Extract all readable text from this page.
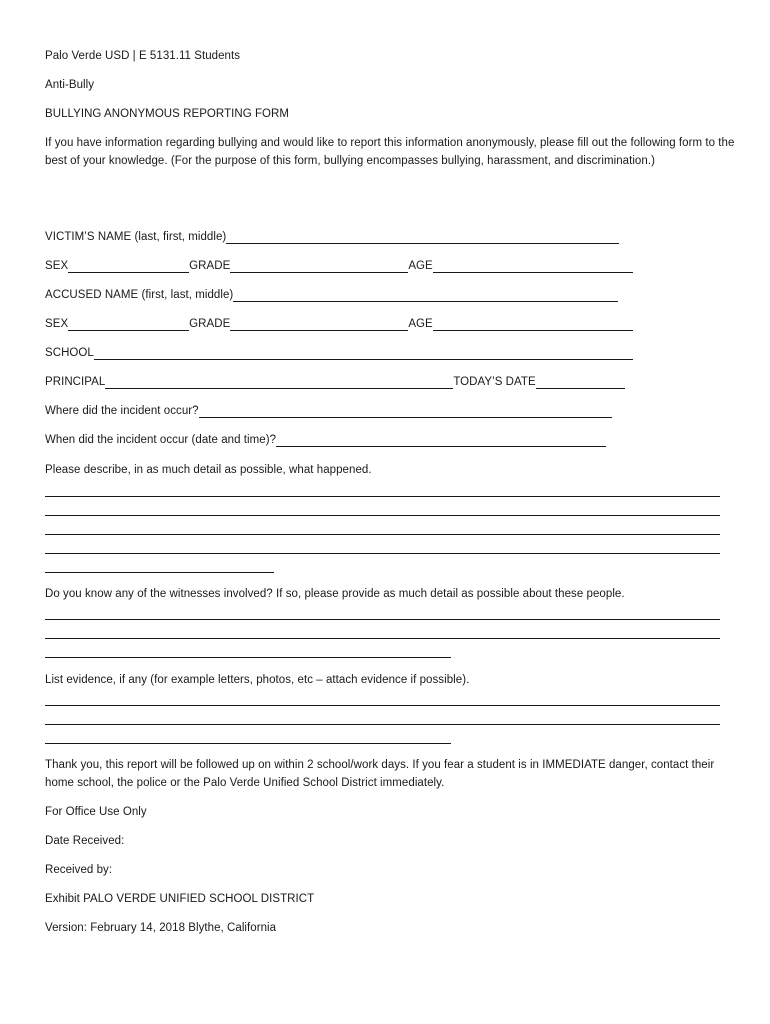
Palo Verde USD | E 5131.11 Students
Anti-Bully
BULLYING ANONYMOUS REPORTING FORM
If you have information regarding bullying and would like to report this information anonymously, please fill out the following form to the best of your knowledge. (For the purpose of this form, bullying encompasses bullying, harassment, and discrimination.)
VICTIM’S NAME (last, first, middle)
SEX	GRADE	AGE
ACCUSED NAME (first, last, middle)
SEX	GRADE	AGE
SCHOOL
PRINCIPAL	TODAY’S DATE
Where did the incident occur?
When did the incident occur (date and time)?
Please describe, in as much detail as possible, what happened.
Do you know any of the witnesses involved? If so, please provide as much detail as possible about these people.
List evidence, if any (for example letters, photos, etc – attach evidence if possible).
Thank you, this report will be followed up on within 2 school/work days. If you fear a student is in IMMEDIATE danger, contact their home school, the police or the Palo Verde Unified School District immediately.
For Office Use Only
Date Received:
Received by:
Exhibit PALO VERDE UNIFIED SCHOOL DISTRICT
Version: February 14, 2018 Blythe, California
